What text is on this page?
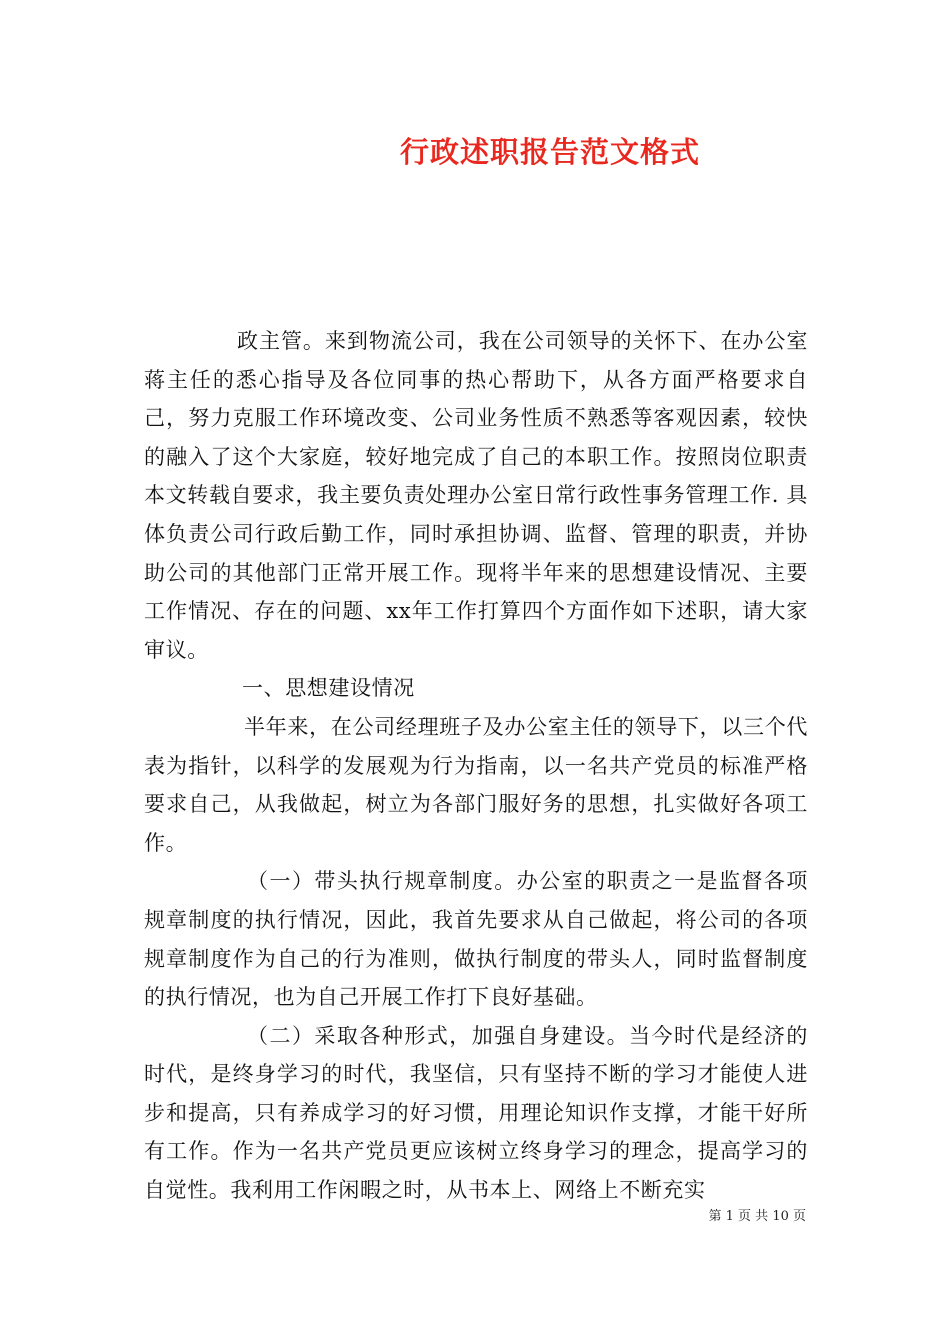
行政述职报告范文格式

政主管。来到物流公司，我在公司领导的关怀下、在办公室蒋主任的悉心指导及各位同事的热心帮助下，从各方面严格要求自己，努力克服工作环境改变、公司业务性质不熟悉等客观因素，较快的融入了这个大家庭，较好地完成了自己的本职工作。按照岗位职责本文转载自要求，我主要负责处理办公室日常行政性事务管理工作. 具体负责公司行政后勤工作，同时承担协调、监督、管理的职责，并协助公司的其他部门正常开展工作。现将半年来的思想建设情况、主要工作情况、存在的问题、xx年工作打算四个方面作如下述职，请大家审议。

一、思想建设情况

半年来，在公司经理班子及办公室主任的领导下，以三个代表为指针，以科学的发展观为行为指南，以一名共产党员的标准严格要求自己，从我做起，树立为各部门服好务的思想，扎实做好各项工作。

（一）带头执行规章制度。办公室的职责之一是监督各项规章制度的执行情况，因此，我首先要求从自己做起，将公司的各项规章制度作为自己的行为准则，做执行制度的带头人，同时监督制度的执行情况，也为自己开展工作打下良好基础。

（二）采取各种形式，加强自身建设。当今时代是经济的时代，是终身学习的时代，我坚信，只有坚持不断的学习才能使人进步和提高，只有养成学习的好习惯，用理论知识作支撑，才能干好所有工作。作为一名共产党员更应该树立终身学习的理念，提高学习的自觉性。我利用工作闲暇之时，从书本上、网络上不断充实

第 1 页 共 10 页
